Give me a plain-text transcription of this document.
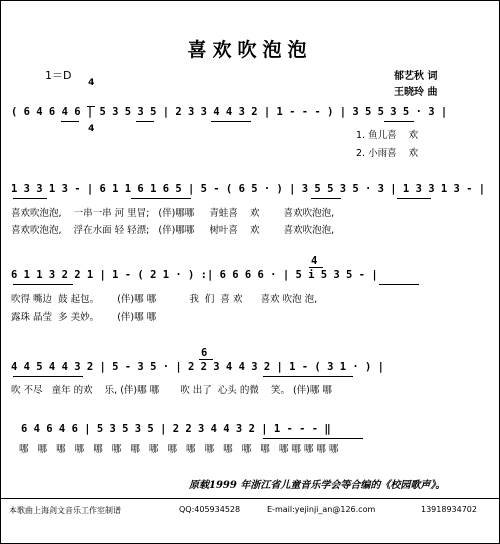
喜欢吹泡泡
1＝D

4

4

郁艺秋 词
王晓玲 曲
( 6 4 6 4 6 | 5 3 5 3 5 | 2 3 3 4 4 3 2 | 1 - - - ) | 3 5 5 3 5 · 3 |
1. 鱼儿喜    欢
2. 小雨喜    欢
1 3 3 1 3 - | 6 1 1 6 1 6 5 | 5 - ( 6 5 · ) | 3 5 5 3 5 · 3 | 1 3 3 1 3 - |
喜欢吹泡泡,    一串一串 河 里冒;   (伴)哪哪     青蛙喜    欢        喜欢吹泡泡,
喜欢吹泡泡,    浮在水面 轻 轻漂;   (伴)哪哪     树叶喜    欢        喜欢吹泡泡,
4
6 1 1 3 2 2 1 | 1 - ( 2 1 · ) :| 6 6 6 6 · | 5 i 5 3 5 - |
吹得 嘴边  鼓 起包。      (伴)哪 哪           我  们  喜 欢      喜欢 吹泡 泡,
露珠 晶莹  多 美妙。      (伴)哪 哪
6
4 4 5 4 4 3 2 | 5 - 3 5 · | 2 2 3 4 4 3 2 | 1 - ( 3 1 · ) |
吹 不尽   童年 的欢    乐, (伴)哪 哪       吹 出了  心头 的微    笑。 (伴)哪 哪
6 4 6 4 6 | 5 3 5 3 5 | 2 2 3 4 4 3 2 | 1 - - - ‖
哪   哪   哪   哪   哪   哪   哪   哪   哪   哪   哪   哪   哪   哪   哪 哪 哪 哪 哪
原载1999 年浙江省儿童音乐学会等合编的《校园歌声》。
本歌曲上海剑文音乐工作室制谱	QQ:405934528	E-mail:yejinji_an@126.com	13918934702
